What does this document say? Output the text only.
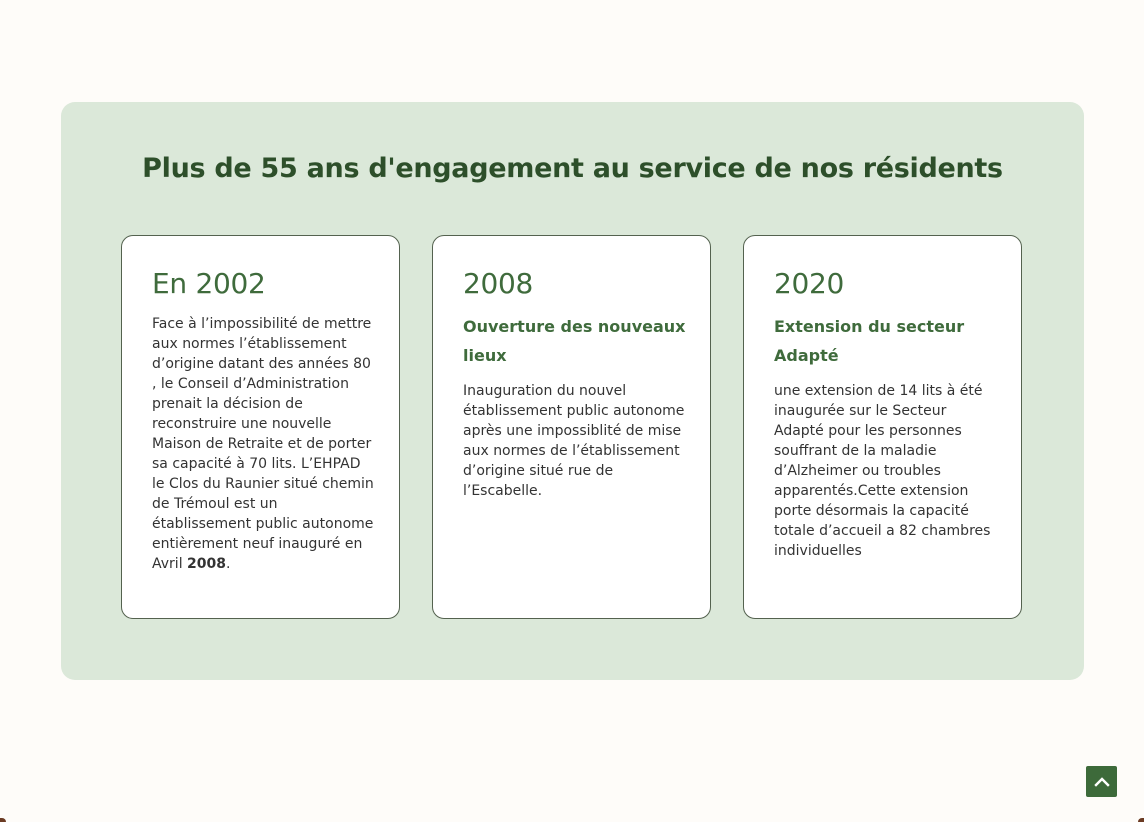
Plus de 55 ans d'engagement au service de nos résidents
En 2002

Face à l’impossibilité de mettre aux normes l’établissement d’origine datant des années 80 , le Conseil d’Administration prenait la décision de reconstruire une nouvelle Maison de Retraite et de porter sa capacité à 70 lits. L’EHPAD le Clos du Raunier situé chemin de Trémoul est un établissement public autonome entièrement neuf inauguré en Avril 2008.

2008
Ouverture des nouveaux lieux

Inauguration du nouvel établissement public autonome après une impossiblité de mise aux normes de l’établissement d’origine situé rue de l’Escabelle.

2020
Extension du secteur Adapté

une extension de 14 lits à été inaugurée sur le Secteur Adapté pour les personnes souffrant de la maladie d’Alzheimer ou troubles apparentés.Cette extension porte désormais la capacité totale d’accueil a 82 chambres individuelles
